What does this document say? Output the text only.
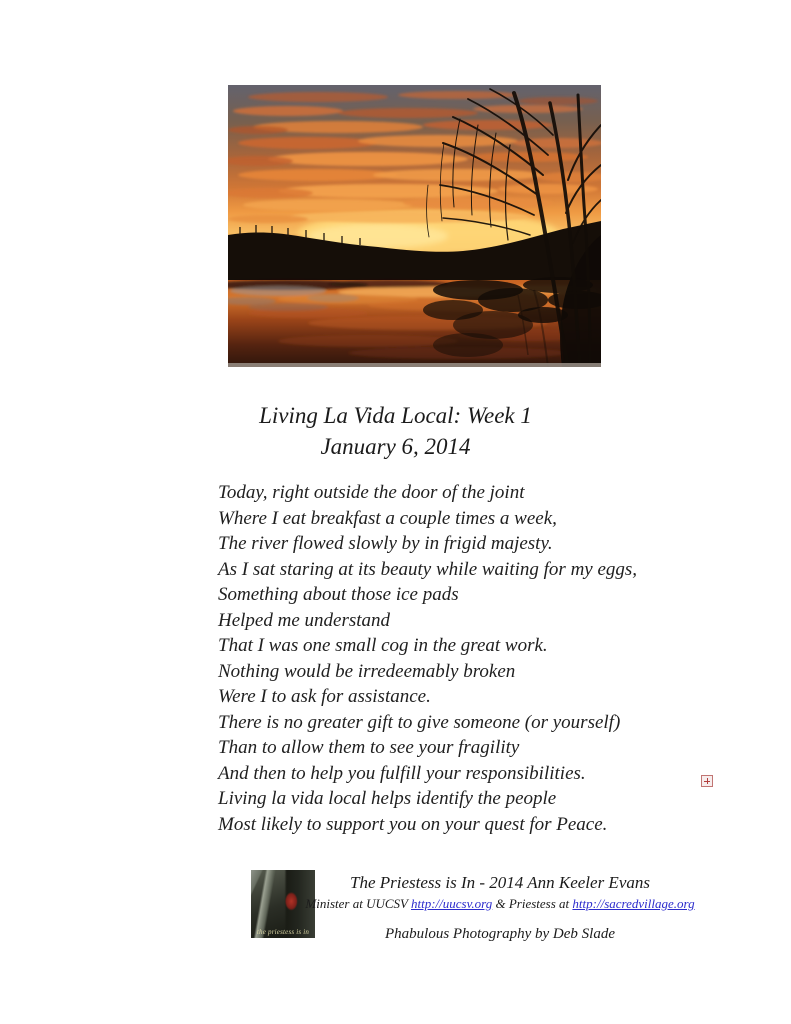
Living La Vida Local: Week 1
January 6, 2014
Today, right outside the door of the joint
Where I eat breakfast a couple times a week,
The river flowed slowly by in frigid majesty.
As I sat staring at its beauty while waiting for my eggs,
Something about those ice pads
Helped me understand
That I was one small cog in the great work.
Nothing would be irredeemably broken
Were I to ask for assistance.
There is no greater gift to give someone (or yourself)
Than to allow them to see your fragility
And then to help you fulfill your responsibilities.
Living la vida local helps identify the people
Most likely to support you on your quest for Peace.
the priestess is in
The Priestess is In - 2014 Ann Keeler Evans
Minister at UUCSV http://uucsv.org & Priestess at http://sacredvillage.org
Phabulous Photography by Deb Slade
